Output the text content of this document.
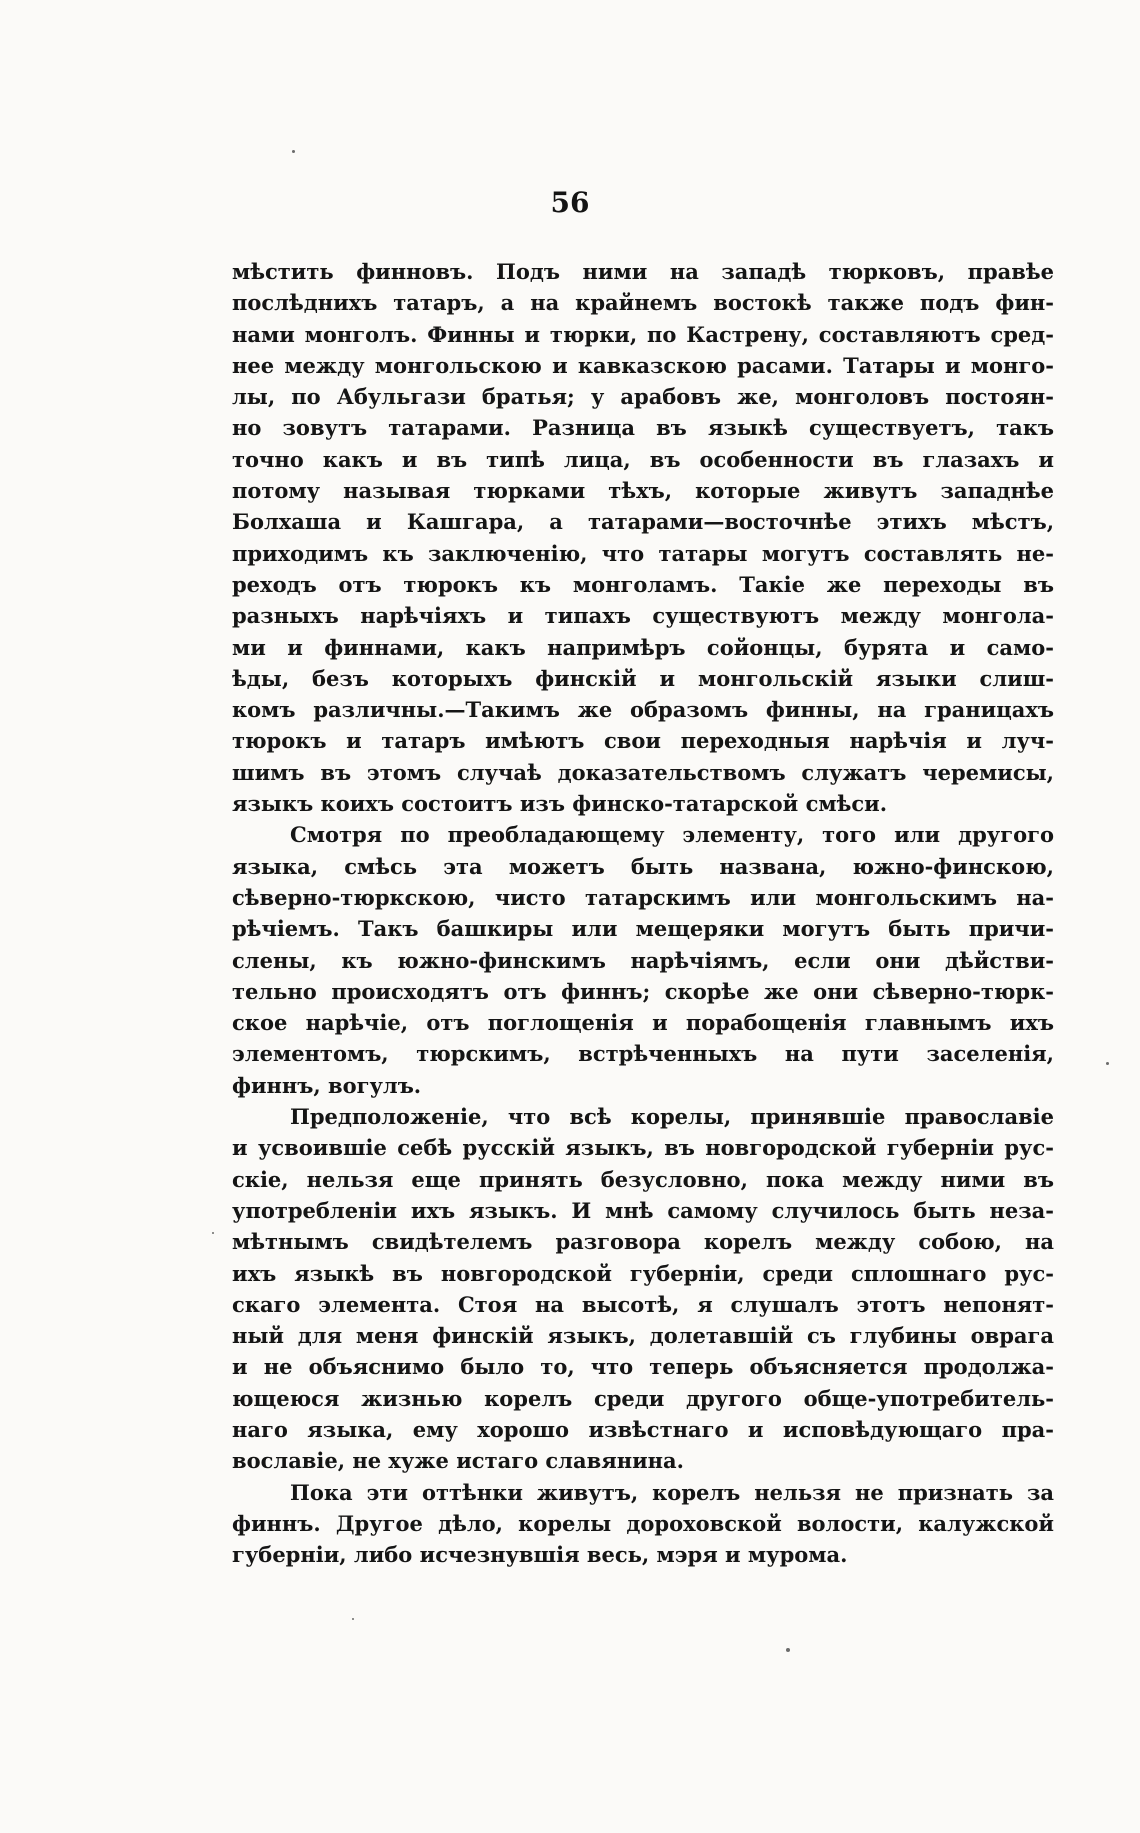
56
мѣстить финновъ. Подъ ними на западѣ тюрковъ, правѣе
послѣднихъ татаръ, а на крайнемъ востокѣ также подъ фин-
нами монголъ. Финны и тюрки, по Кастрену, составляютъ сред-
нее между монгольскою и кавказскою расами. Татары и монго-
лы, по Абульгази братья; у арабовъ же, монголовъ постоян-
но зовутъ татарами. Разница въ языкѣ существуетъ, такъ
точно какъ и въ типѣ лица, въ особенности въ глазахъ и
потому называя тюрками тѣхъ, которые живутъ западнѣе
Болхаша и Кашгара, а татарами—восточнѣе этихъ мѣстъ,
приходимъ къ заключенію, что татары могутъ составлять не-
реходъ отъ тюрокъ къ монголамъ. Такіе же переходы въ
разныхъ нарѣчіяхъ и типахъ существуютъ между монгола-
ми и финнами, какъ напримѣръ сойонцы, бурята и само-
ѣды, безъ которыхъ финскій и монгольскій языки слиш-
комъ различны.—Такимъ же образомъ финны, на границахъ
тюрокъ и татаръ имѣютъ свои переходныя нарѣчія и луч-
шимъ въ этомъ случаѣ доказательствомъ служатъ черемисы,
языкъ коихъ состоитъ изъ финско-татарской смѣси.
Смотря по преобладающему элементу, того или другого
языка, смѣсь эта можетъ быть названа, южно-финскою,
сѣверно-тюркскою, чисто татарскимъ или монгольскимъ на-
рѣчіемъ. Такъ башкиры или мещеряки могутъ быть причи-
слены, къ южно-финскимъ нарѣчіямъ, если они дѣйстви-
тельно происходятъ отъ финнъ; скорѣе же они сѣверно-тюрк-
ское нарѣчіе, отъ поглощенія и порабощенія главнымъ ихъ
элементомъ, тюрскимъ, встрѣченныхъ на пути заселенія,
финнъ, вогулъ.
Предположеніе, что всѣ корелы, принявшіе православіе
и усвоившіе себѣ русскій языкъ, въ новгородской губерніи рус-
скіе, нельзя еще принять безусловно, пока между ними въ
употребленіи ихъ языкъ. И мнѣ самому случилось быть неза-
мѣтнымъ свидѣтелемъ разговора корелъ между собою, на
ихъ языкѣ въ новгородской губерніи, среди сплошнаго рус-
скаго элемента. Стоя на высотѣ, я слушалъ этотъ непонят-
ный для меня финскій языкъ, долетавшій съ глубины оврага
и не объяснимо было то, что теперь объясняется продолжа-
ющеюся жизнью корелъ среди другого обще-употребитель-
наго языка, ему хорошо извѣстнаго и исповѣдующаго пра-
вославіе, не хуже истаго славянина.
Пока эти оттѣнки живутъ, корелъ нельзя не признать за
финнъ. Другое дѣло, корелы дороховской волости, калужской
губерніи, либо исчезнувшія весь, мэря и мурома.
